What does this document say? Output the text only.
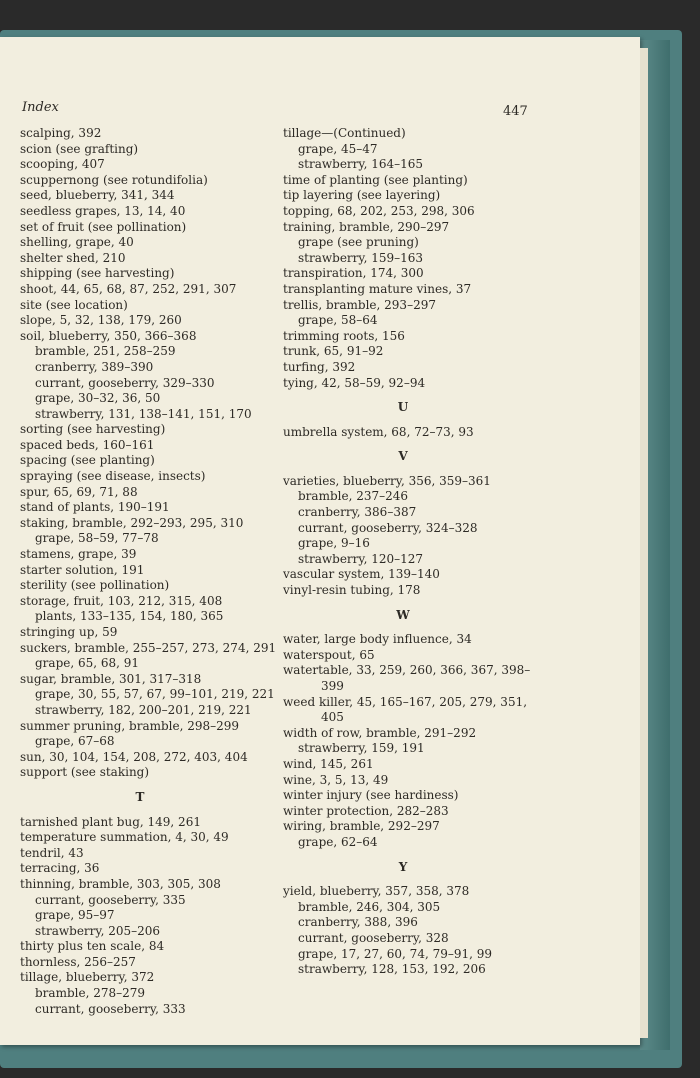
Index	447
scalping, 392
scion (see grafting)
scooping, 407
scuppernong (see rotundifolia)
seed, blueberry, 341, 344
seedless grapes, 13, 14, 40
set of fruit (see pollination)
shelling, grape, 40
shelter shed, 210
shipping (see harvesting)
shoot, 44, 65, 68, 87, 252, 291, 307
site (see location)
slope, 5, 32, 138, 179, 260
soil, blueberry, 350, 366–368
bramble, 251, 258–259
cranberry, 389–390
currant, gooseberry, 329–330
grape, 30–32, 36, 50
strawberry, 131, 138–141, 151, 170
sorting (see harvesting)
spaced beds, 160–161
spacing (see planting)
spraying (see disease, insects)
spur, 65, 69, 71, 88
stand of plants, 190–191
staking, bramble, 292–293, 295, 310
grape, 58–59, 77–78
stamens, grape, 39
starter solution, 191
sterility (see pollination)
storage, fruit, 103, 212, 315, 408
plants, 133–135, 154, 180, 365
stringing up, 59
suckers, bramble, 255–257, 273, 274, 291
grape, 65, 68, 91
sugar, bramble, 301, 317–318
grape, 30, 55, 57, 67, 99–101, 219, 221
strawberry, 182, 200–201, 219, 221
summer pruning, bramble, 298–299
grape, 67–68
sun, 30, 104, 154, 208, 272, 403, 404
support (see staking)
T
tarnished plant bug, 149, 261
temperature summation, 4, 30, 49
tendril, 43
terracing, 36
thinning, bramble, 303, 305, 308
currant, gooseberry, 335
grape, 95–97
strawberry, 205–206
thirty plus ten scale, 84
thornless, 256–257
tillage, blueberry, 372
bramble, 278–279
currant, gooseberry, 333
tillage—(Continued)
grape, 45–47
strawberry, 164–165
time of planting (see planting)
tip layering (see layering)
topping, 68, 202, 253, 298, 306
training, bramble, 290–297
grape (see pruning)
strawberry, 159–163
transpiration, 174, 300
transplanting mature vines, 37
trellis, bramble, 293–297
grape, 58–64
trimming roots, 156
trunk, 65, 91–92
turfing, 392
tying, 42, 58–59, 92–94
U
umbrella system, 68, 72–73, 93
V
varieties, blueberry, 356, 359–361
bramble, 237–246
cranberry, 386–387
currant, gooseberry, 324–328
grape, 9–16
strawberry, 120–127
vascular system, 139–140
vinyl-resin tubing, 178
W
water, large body influence, 34
waterspout, 65
watertable, 33, 259, 260, 366, 367, 398–
399
weed killer, 45, 165–167, 205, 279, 351,
405
width of row, bramble, 291–292
strawberry, 159, 191
wind, 145, 261
wine, 3, 5, 13, 49
winter injury (see hardiness)
winter protection, 282–283
wiring, bramble, 292–297
grape, 62–64
Y
yield, blueberry, 357, 358, 378
bramble, 246, 304, 305
cranberry, 388, 396
currant, gooseberry, 328
grape, 17, 27, 60, 74, 79–91, 99
strawberry, 128, 153, 192, 206
